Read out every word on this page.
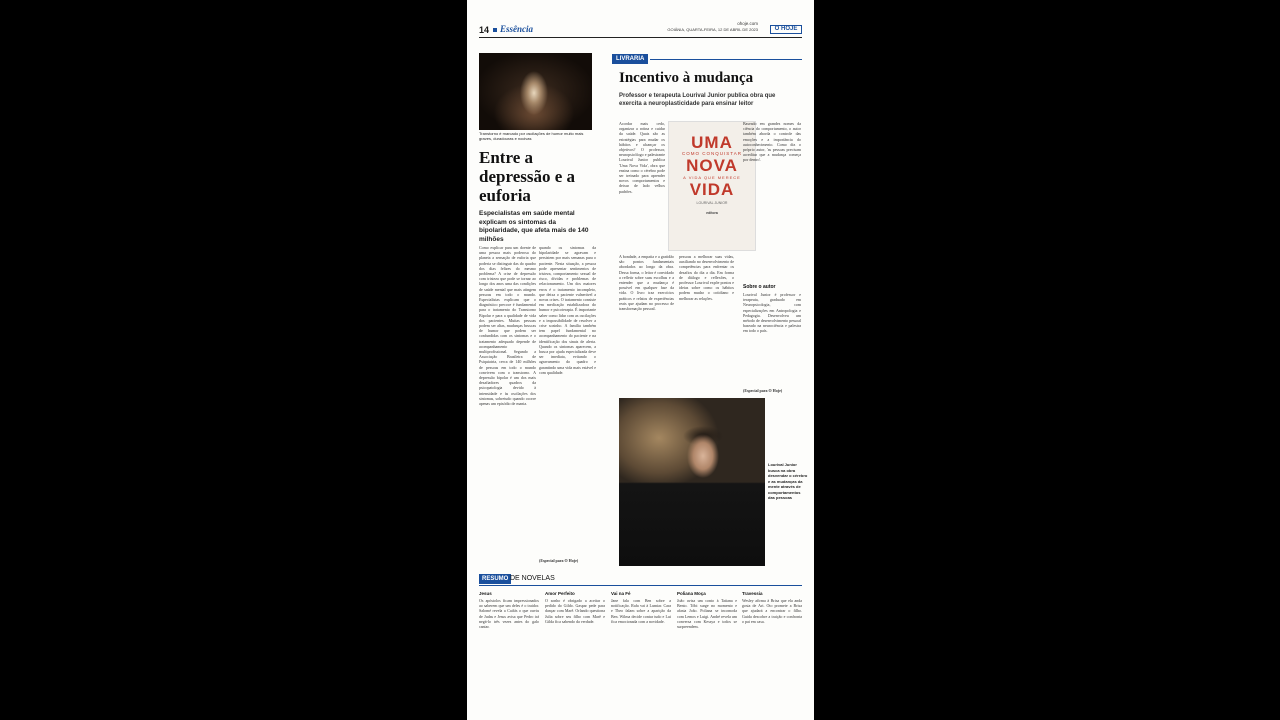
14 Essência
ohoje.com
GOIÂNIA, QUARTA-FEIRA, 12 DE ABRIL DE 2023	O HOJE
Transtorno é marcado por oscilações de humor muito mais graves, duradouras e nocivas
Entre a depressão e a euforia
Especialistas em saúde mental explicam os sintomas da bipolaridade, que afeta mais de 140 milhões
Como explicar para um doente de uma pessoa mais poderosa do planeta a sensação de euforia que poderia se distinguir das do quadro dos dias felizes do mesmo problema? A crise de depressão com tristeza que pode se tornar ao longo dos anos uma das condições de saúde mental que mais atingem pessoas em todo o mundo. Especialistas explicam que o diagnóstico precoce é fundamental para o tratamento do Transtorno Bipolar e para a qualidade de vida dos pacientes. Muitas pessoas podem ser altas, mudanças bruscas de humor que podem ser confundidas com os sintomas e o tratamento adequado depende de acompanhamento multiprofissional. Segundo a Associação Brasileira de Psiquiatria, cerca de 140 milhões de pessoas em todo o mundo convivem com o transtorno. A depressão bipolar é um dos mais desafiadores quadros da psicopatologia devido à intensidade e às oscilações dos sintomas, sobretudo quando ocorre apenas um episódio de mania.
quando os sintomas da bipolaridade se agravam e persistem por mais semanas para o paciente. Nesta situação, a pessoa pode apresentar sentimentos de tristeza, comportamento sexual de risco, dívidas e problemas de relacionamento. Um dos maiores erros é o tratamento incompleto, que deixa o paciente vulnerável a novas crises. O tratamento consiste em medicação estabilizadora do humor e psicoterapia. É importante saber como lidar com as oscilações e a impossibilidade de resolver a crise sozinho. A família também tem papel fundamental no acompanhamento do paciente e na identificação dos sinais de alerta. Quando os sintomas aparecem, a busca por ajuda especializada deve ser imediata, evitando o agravamento do quadro e garantindo uma vida mais estável e com qualidade.
(Especial para O Hoje)
LIVRARIA
Incentivo à mudança
Professor e terapeuta Lourival Junior publica obra que exercita a neuroplasticidade para ensinar leitor
Acordar mais cedo, organizar a rotina e cuidar da saúde. Quais são as estratégias para mudar os hábitos e alcançar os objetivos? O professor, neuropsicólogo e palestrante Lourival Junior publica 'Uma Nova Vida', obra que ensina como o cérebro pode ser treinado para aprender novos comportamentos e deixar de lado velhos padrões.
UMA
COMO CONQUISTAR
NOVA
A VIDA QUE MERECE
VIDA
LOURIVAL JUNIOR
editora
A bondade, a empatia e a gratidão são pontos fundamentais abordados ao longo da obra. Dessa forma, o leitor é convidado a refletir sobre suas escolhas e a entender que a mudança é possível em qualquer fase da vida. O livro traz exercícios práticos e relatos de experiências reais que ajudam no processo de transformação pessoal.
pessoas a melhorar suas vidas, auxiliando no desenvolvimento de competências para enfrentar os desafios do dia a dia. Em forma de diálogo e reflexões, o professor Lourival expõe pontos e ideias sobre como os hábitos podem mudar o cotidiano e melhorar as relações.
Baseado em grandes nomes da ciência do comportamento, o autor também aborda o controle das emoções e a importância do autoconhecimento. Como diz o próprio autor, 'as pessoas precisam acreditar que a mudança começa por dentro'.
Sobre o autor
Lourival Junior é professor e terapeuta, graduado em Neuropsicologia, com especializações em Antropologia e Pedagogia. Desenvolveu um método de desenvolvimento pessoal baseado na neurociência e palestra em todo o país.
(Especial para O Hoje)
Lourival Junior busca na obra desvendar o cérebro e as mudanças da mente através de comportamentos das pessoas
RESUMO DE NOVELAS
Jesus
Os apóstolos ficam impressionados ao saberem que um deles é o traidor. Salomé revela a Caifás o que ouviu de Judas e Jesus avisa que Pedro irá negá-lo três vezes antes do galo cantar.
Amor Perfeito
O sonho é obrigado a aceitar o pedido do Gildo. Gaspar pede para dançar com Marê. Orlando questiona Julia sobre seu filho com Marê e Gilda fica sabendo da verdade.
Vai na Fé
Jane fala com Ben sobre a notificação. Rafa vai à Lumiar. Cara e Theo falam sobre a aparição da Ben. Wilma decide contar tudo e Lui fica emocionada com a novidade.
Poliana Moça
João avisa um conto à Tatiana e Bento. Tóbi surge no momento e afasta João. Poliana se incomoda com Lemos e Luigi. André revela um conversa com Kessya e todos se surpreendem.
Travessia
Wesley afirma à Brisa que ela anda gosta de Ari. Oto promete a Brisa que ajudará a encontrar o filho. Guida descobre a traição e confronta o pai em casa.
